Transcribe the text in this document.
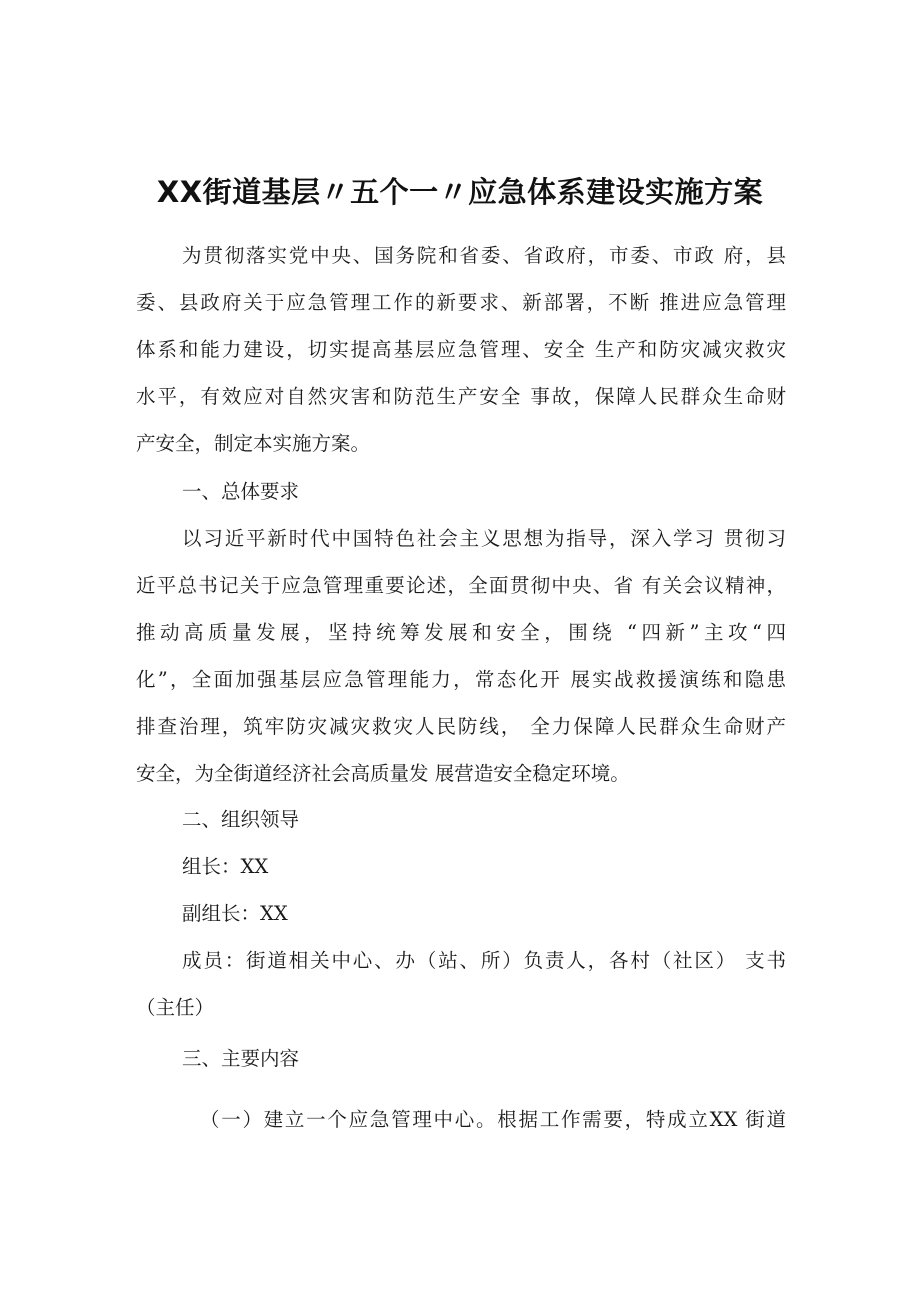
XX街道基层〃五个一〃应急体系建设实施方案
为贯彻落实党中央、国务院和省委、省政府，市委、市政 府，县
委、县政府关于应急管理工作的新要求、新部署，不断 推进应急管理
体系和能力建设，切实提高基层应急管理、安全 生产和防灾减灾救灾
水平，有效应对自然灾害和防范生产安全 事故，保障人民群众生命财
产安全，制定本实施方案。
一、总体要求
以习近平新时代中国特色社会主义思想为指导，深入学习 贯彻习
近平总书记关于应急管理重要论述，全面贯彻中央、省 有关会议精神，
推动高质量发展，坚持统筹发展和安全，围绕 “四新”主攻“四
化”，全面加强基层应急管理能力，常态化开 展实战救援演练和隐患
排查治理，筑牢防灾减灾救灾人民防线， 全力保障人民群众生命财产
安全，为全街道经济社会高质量发 展营造安全稳定环境。
二、组织领导
组长：XX
副组长：XX
成员：街道相关中心、办（站、所）负责人，各村（社区） 支书
（主任）
三、主要内容
（一）建立一个应急管理中心。根据工作需要，特成立XX 街道
